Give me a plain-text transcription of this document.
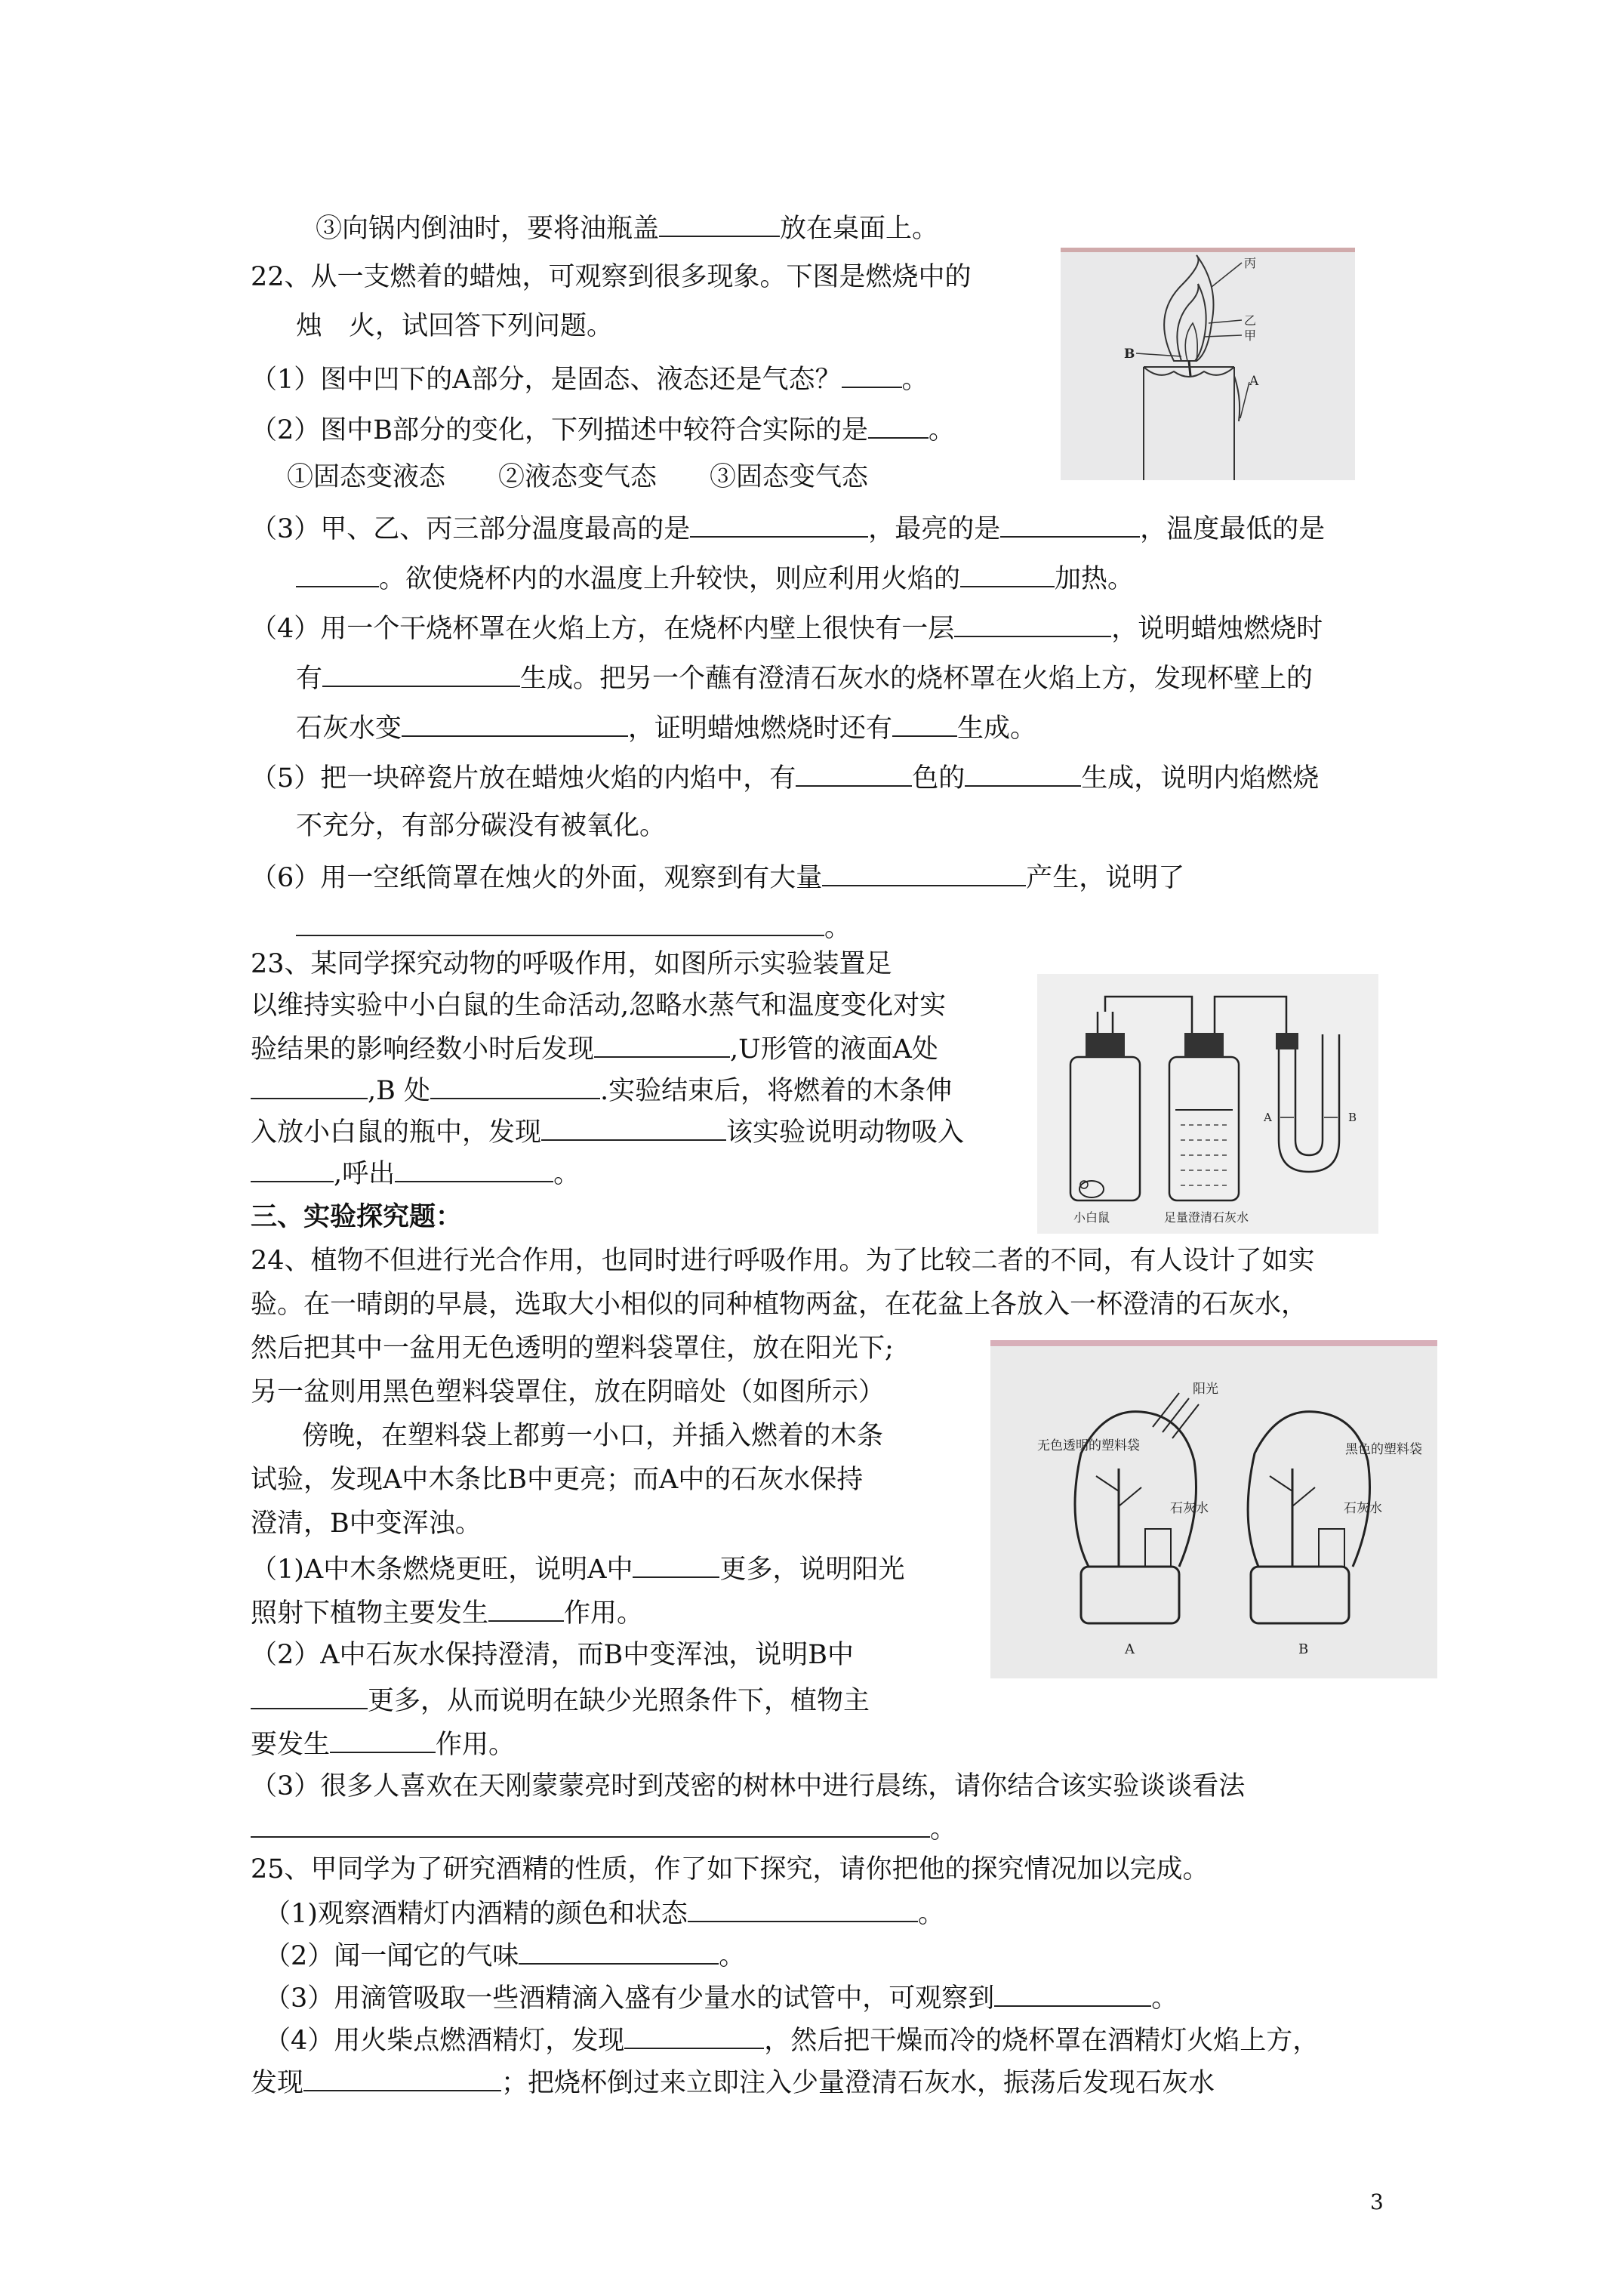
③向锅内倒油时，要将油瓶盖	放在桌面上。
22、从一支燃着的蜡烛，可观察到很多现象。下图是燃烧中的
烛　火，试回答下列问题。
（1）图中凹下的A部分，是固态、液态还是气态？ 。
（2）图中B部分的变化，下列描述中较符合实际的是 。
①固态变液态　　②液态变气态　　③固态变气态
（3）甲、乙、丙三部分温度最高的是	，最亮的是	，温度最低的是
。欲使烧杯内的水温度上升较快，则应利用火焰的	加热。
（4）用一个干烧杯罩在火焰上方，在烧杯内壁上很快有一层	，说明蜡烛燃烧时
有	生成。把另一个蘸有澄清石灰水的烧杯罩在火焰上方，发现杯壁上的
石灰水变	，证明蜡烛燃烧时还有 生成。
（5）把一块碎瓷片放在蜡烛火焰的内焰中，有	色的	生成，说明内焰燃烧
不充分，有部分碳没有被氧化。
（6）用一空纸筒罩在烛火的外面，观察到有大量	产生，说明了
。
23、某同学探究动物的呼吸作用，如图所示实验装置足
以维持实验中小白鼠的生命活动,忽略水蒸气和温度变化对实
验结果的影响经数小时后发现	,U形管的液面A处
,B 处	.实验结束后，将燃着的木条伸
入放小白鼠的瓶中，发现	该实验说明动物吸入
,呼出	。
三、实验探究题：
24、植物不但进行光合作用，也同时进行呼吸作用。为了比较二者的不同，有人设计了如实
验。在一晴朗的早晨，选取大小相似的同种植物两盆，在花盆上各放入一杯澄清的石灰水，
然后把其中一盆用无色透明的塑料袋罩住，放在阳光下;
另一盆则用黑色塑料袋罩住，放在阴暗处（如图所示）
傍晚，在塑料袋上都剪一小口，并插入燃着的木条
试验，发现A中木条比B中更亮；而A中的石灰水保持
澄清，B中变浑浊。
（1)A中木条燃烧更旺，说明A中	更多，说明阳光
照射下植物主要发生	作用。
（2）A中石灰水保持澄清，而B中变浑浊，说明B中
更多，从而说明在缺少光照条件下，植物主
要发生	作用。
（3）很多人喜欢在天刚蒙蒙亮时到茂密的树林中进行晨练，请你结合该实验谈谈看法
。
25、甲同学为了研究酒精的性质，作了如下探究，请你把他的探究情况加以完成。
（1)观察酒精灯内酒精的颜色和状态	。
（2）闻一闻它的气味	。
（3）用滴管吸取一些酒精滴入盛有少量水的试管中，可观察到	。
（4）用火柴点燃酒精灯，发现	，然后把干燥而冷的烧杯罩在酒精灯火焰上方，
发现	；把烧杯倒过来立即注入少量澄清石灰水，振荡后发现石灰水
丙
乙
甲
B
A
小白鼠	足量澄清石灰水
A	B
无色透明的塑料袋
阳光
石灰水
A
黑色的塑料袋
石灰水
B
3
